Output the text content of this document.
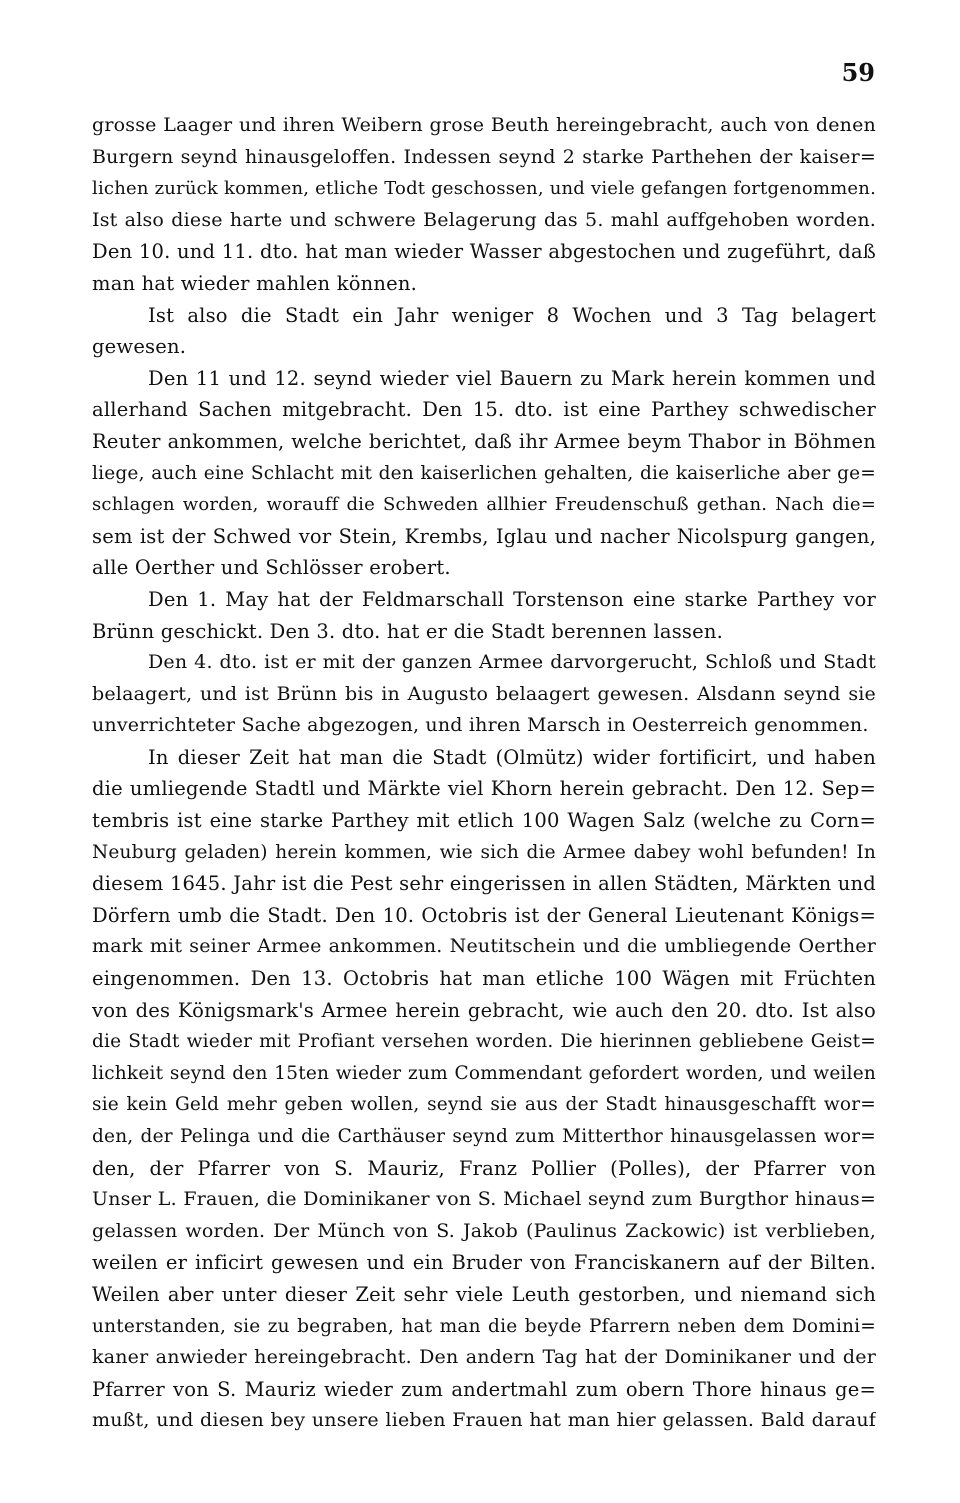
59
grosse Laager und ihren Weibern grose Beuth hereingebracht, auch von denen
Burgern seynd hinausgeloffen. Indessen seynd 2 starke Parthehen der kaiser=
lichen zurück kommen, etliche Todt geschossen, und viele gefangen fortgenommen.
Ist also diese harte und schwere Belagerung das 5. mahl auffgehoben worden.
Den 10. und 11. dto. hat man wieder Wasser abgestochen und zugeführt, daß
man hat wieder mahlen können.
Ist also die Stadt ein Jahr weniger 8 Wochen und 3 Tag belagert
gewesen.
Den 11 und 12. seynd wieder viel Bauern zu Mark herein kommen und
allerhand Sachen mitgebracht. Den 15. dto. ist eine Parthey schwedischer
Reuter ankommen, welche berichtet, daß ihr Armee beym Thabor in Böhmen
liege, auch eine Schlacht mit den kaiserlichen gehalten, die kaiserliche aber ge=
schlagen worden, worauff die Schweden allhier Freudenschuß gethan. Nach die=
sem ist der Schwed vor Stein, Krembs, Iglau und nacher Nicolspurg gangen,
alle Oerther und Schlösser erobert.
Den 1. May hat der Feldmarschall Torstenson eine starke Parthey vor
Brünn geschickt. Den 3. dto. hat er die Stadt berennen lassen.
Den 4. dto. ist er mit der ganzen Armee darvorgerucht, Schloß und Stadt
belaagert, und ist Brünn bis in Augusto belaagert gewesen. Alsdann seynd sie
unverrichteter Sache abgezogen, und ihren Marsch in Oesterreich genommen.
In dieser Zeit hat man die Stadt (Olmütz) wider fortificirt, und haben
die umliegende Stadtl und Märkte viel Khorn herein gebracht. Den 12. Sep=
tembris ist eine starke Parthey mit etlich 100 Wagen Salz (welche zu Corn=
Neuburg geladen) herein kommen, wie sich die Armee dabey wohl befunden! In
diesem 1645. Jahr ist die Pest sehr eingerissen in allen Städten, Märkten und
Dörfern umb die Stadt. Den 10. Octobris ist der General Lieutenant Königs=
mark mit seiner Armee ankommen. Neutitschein und die umbliegende Oerther
eingenommen. Den 13. Octobris hat man etliche 100 Wägen mit Früchten
von des Königsmark's Armee herein gebracht, wie auch den 20. dto. Ist also
die Stadt wieder mit Profiant versehen worden. Die hierinnen gebliebene Geist=
lichkeit seynd den 15ten wieder zum Commendant gefordert worden, und weilen
sie kein Geld mehr geben wollen, seynd sie aus der Stadt hinausgeschafft wor=
den, der Pelinga und die Carthäuser seynd zum Mitterthor hinausgelassen wor=
den, der Pfarrer von S. Mauriz, Franz Pollier (Polles), der Pfarrer von
Unser L. Frauen, die Dominikaner von S. Michael seynd zum Burgthor hinaus=
gelassen worden. Der Münch von S. Jakob (Paulinus Zackowic) ist verblieben,
weilen er inficirt gewesen und ein Bruder von Franciskanern auf der Bilten.
Weilen aber unter dieser Zeit sehr viele Leuth gestorben, und niemand sich
unterstanden, sie zu begraben, hat man die beyde Pfarrern neben dem Domini=
kaner anwieder hereingebracht. Den andern Tag hat der Dominikaner und der
Pfarrer von S. Mauriz wieder zum andertmahl zum obern Thore hinaus ge=
mußt, und diesen bey unsere lieben Frauen hat man hier gelassen. Bald darauf
